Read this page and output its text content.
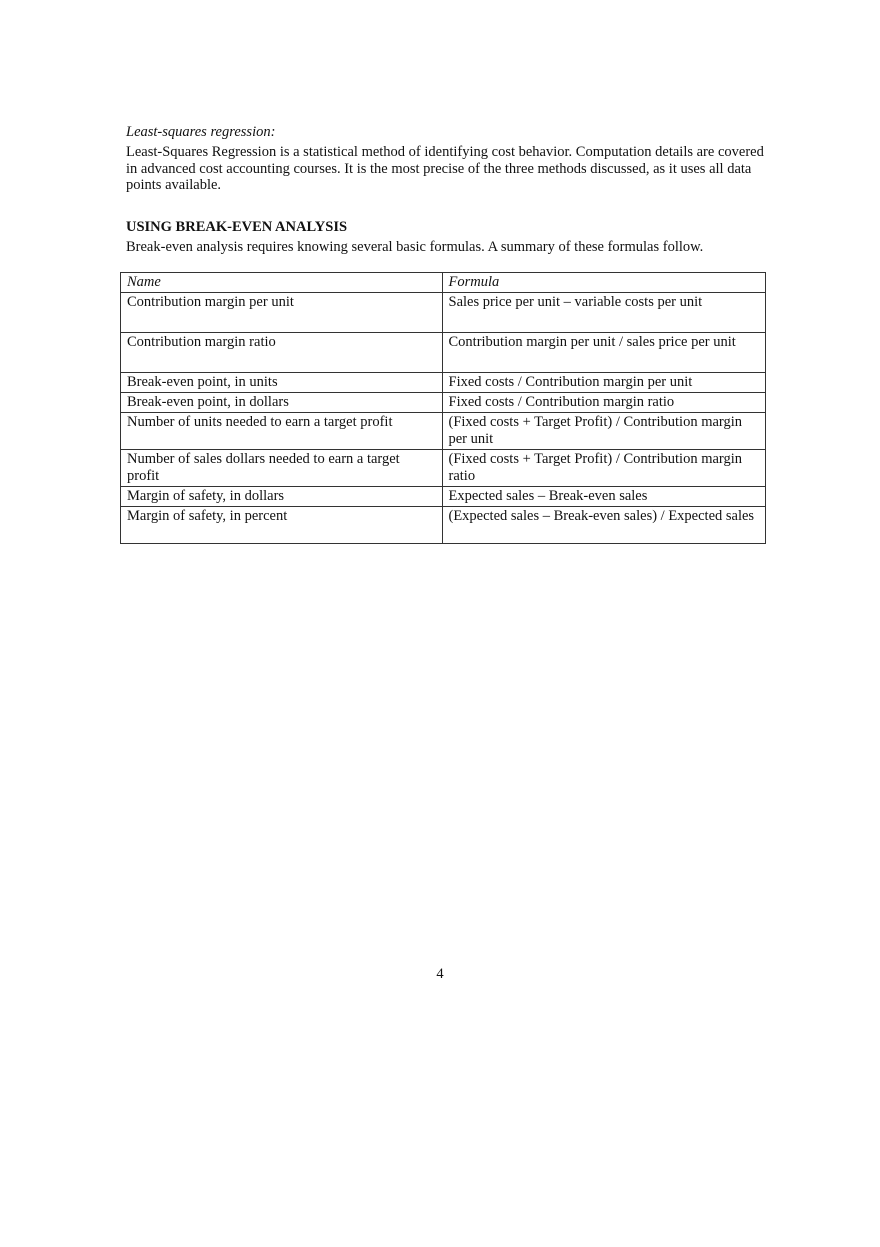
Least-squares regression:

Least-Squares Regression is a statistical method of identifying cost behavior. Computation details are covered in advanced cost accounting courses. It is the most precise of the three methods discussed, as it uses all data points available.

USING BREAK-EVEN ANALYSIS

Break-even analysis requires knowing several basic formulas. A summary of these formulas follow.

Name	Formula
Contribution margin per unit	Sales price per unit – variable costs per unit
Contribution margin ratio	Contribution margin per unit / sales price per unit
Break-even point, in units	Fixed costs / Contribution margin per unit
Break-even point, in dollars	Fixed costs / Contribution margin ratio
Number of units needed to earn a target profit	(Fixed costs + Target Profit) / Contribution margin per unit
Number of sales dollars needed to earn a target profit	(Fixed costs + Target Profit) / Contribution margin ratio
Margin of safety, in dollars	Expected sales – Break-even sales
Margin of safety, in percent	(Expected sales – Break-even sales) / Expected sales
4
